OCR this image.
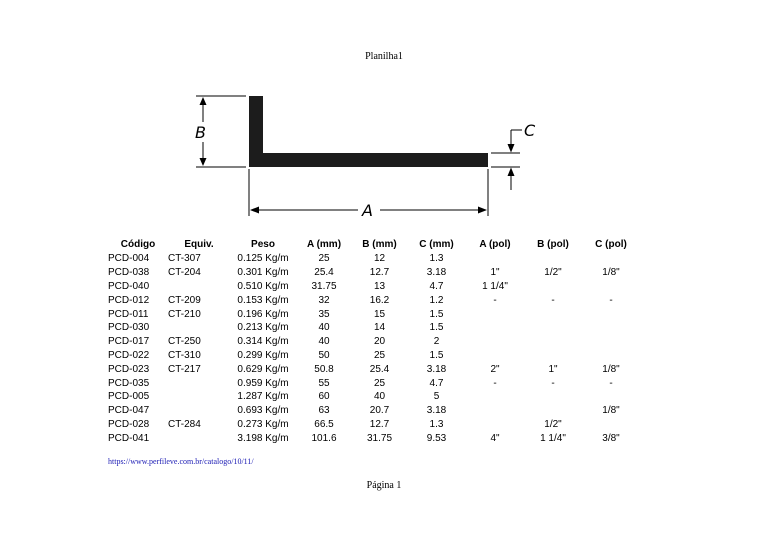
Planilha1
B
A
C
Código	Equiv.	Peso	A (mm)	B (mm)	C (mm)	A (pol)	B (pol)	C (pol)
PCD-004	CT-307	0.125 Kg/m	25	12	1.3			
PCD-038	CT-204	0.301 Kg/m	25.4	12.7	3.18	1"	1/2"	1/8"
PCD-040		0.510 Kg/m	31.75	13	4.7	1 1/4"		
PCD-012	CT-209	0.153 Kg/m	32	16.2	1.2	-	-	-
PCD-011	CT-210	0.196 Kg/m	35	15	1.5			
PCD-030		0.213 Kg/m	40	14	1.5			
PCD-017	CT-250	0.314 Kg/m	40	20	2			
PCD-022	CT-310	0.299 Kg/m	50	25	1.5			
PCD-023	CT-217	0.629 Kg/m	50.8	25.4	3.18	2"	1"	1/8"
PCD-035		0.959 Kg/m	55	25	4.7	-	-	-
PCD-005		1.287 Kg/m	60	40	5			
PCD-047		0.693 Kg/m	63	20.7	3.18			1/8"
PCD-028	CT-284	0.273 Kg/m	66.5	12.7	1.3		1/2"	
PCD-041		3.198 Kg/m	101.6	31.75	9.53	4"	1 1/4"	3/8"
https://www.perfileve.com.br/catalogo/10/11/
Página 1
